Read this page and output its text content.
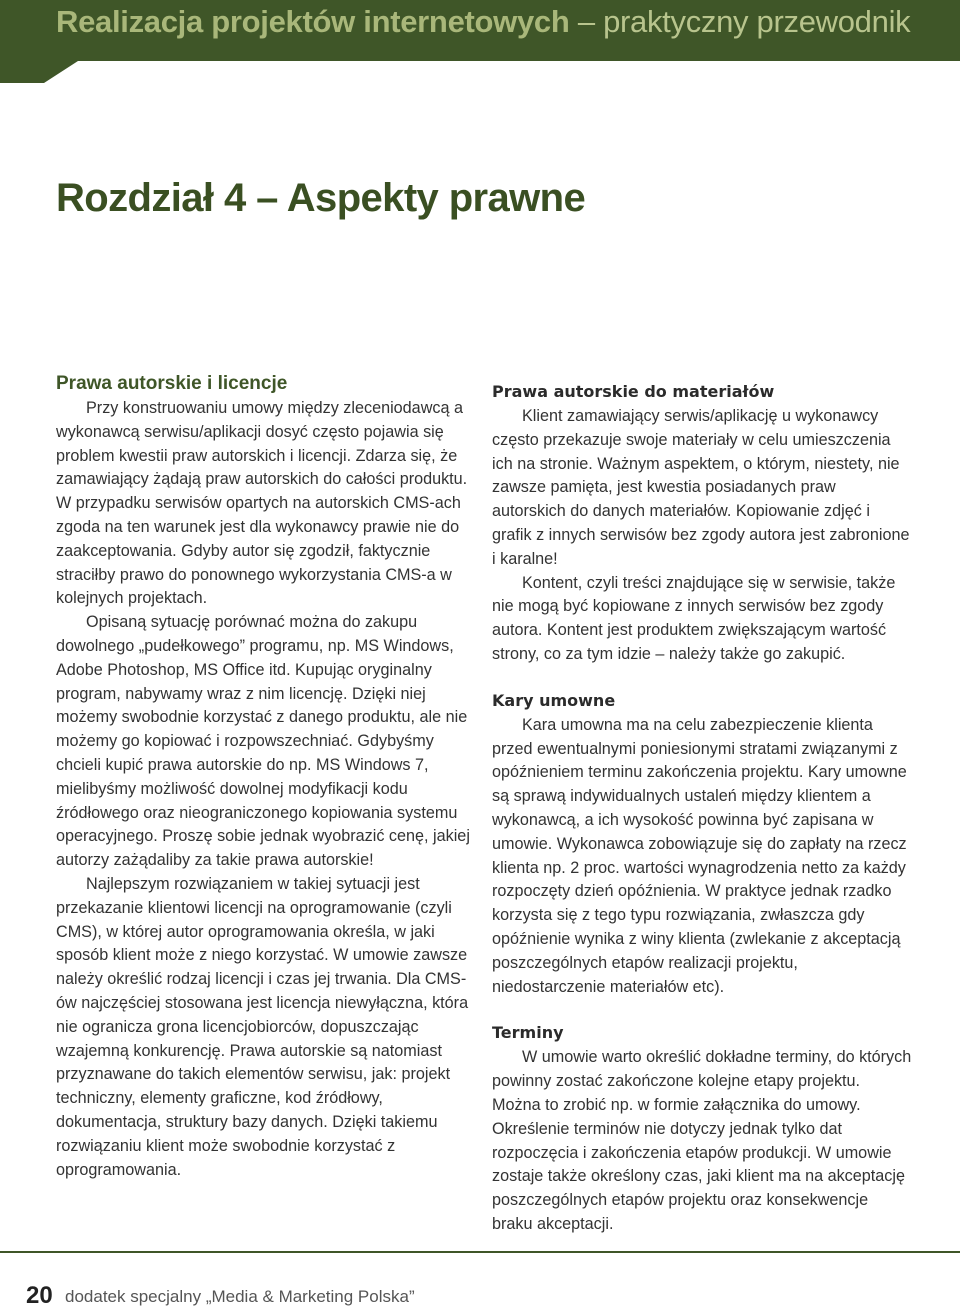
Realizacja projektów internetowych – praktyczny przewodnik
Rozdział 4 – Aspekty prawne
Prawa autorskie i licencje

Przy konstruowaniu umowy między zleceniodawcą a wykonawcą serwisu/aplikacji dosyć często pojawia się problem kwestii praw autorskich i licencji. Zdarza się, że zamawiający żądają praw autorskich do całości produktu. W przypadku serwisów opartych na autorskich CMS-ach zgoda na ten warunek jest dla wykonawcy prawie nie do zaakceptowania. Gdyby autor się zgodził, faktycznie straciłby prawo do ponownego wykorzystania CMS-a w kolejnych projektach.

Opisaną sytuację porównać można do zakupu dowolnego „pudełkowego” programu, np. MS Windows, Adobe Photoshop, MS Office itd. Kupując oryginalny program, nabywamy wraz z nim licencję. Dzięki niej możemy swobodnie korzystać z danego produktu, ale nie możemy go kopiować i rozpowszechniać. Gdybyśmy chcieli kupić prawa autorskie do np. MS Windows 7, mielibyśmy możliwość dowolnej modyfikacji kodu źródłowego oraz nieograniczonego kopiowania systemu operacyjnego. Proszę sobie jednak wyobrazić cenę, jakiej autorzy zażądaliby za takie prawa autorskie!

Najlepszym rozwiązaniem w takiej sytuacji jest przekazanie klientowi licencji na oprogramowanie (czyli CMS), w której autor oprogramowania określa, w jaki sposób klient może z niego korzystać. W umowie zawsze należy określić rodzaj licencji i czas jej trwania. Dla CMS-ów najczęściej stosowana jest licencja niewyłączna, która nie ogranicza grona licencjobiorców, dopuszczając wzajemną konkurencję. Prawa autorskie są natomiast przyznawane do takich elementów serwisu, jak: projekt techniczny, elementy graficzne, kod źródłowy, dokumentacja, struktury bazy danych. Dzięki takiemu rozwiązaniu klient może swobodnie korzystać z oprogramowania.

Prawa autorskie do materiałów

Klient zamawiający serwis/aplikację u wykonawcy często przekazuje swoje materiały w celu umieszczenia ich na stronie. Ważnym aspektem, o którym, niestety, nie zawsze pamięta, jest kwestia posiadanych praw autorskich do danych materiałów. Kopiowanie zdjęć i grafik z innych serwisów bez zgody autora jest zabronione i karalne!

Kontent, czyli treści znajdujące się w serwisie, także nie mogą być kopiowane z innych serwisów bez zgody autora. Kontent jest produktem zwiększającym wartość strony, co za tym idzie – należy także go zakupić.

Kary umowne

Kara umowna ma na celu zabezpieczenie klienta przed ewentualnymi poniesionymi stratami związanymi z opóźnieniem terminu zakończenia projektu. Kary umowne są sprawą indywidualnych ustaleń między klientem a wykonawcą, a ich wysokość powinna być zapisana w umowie. Wykonawca zobowiązuje się do zapłaty na rzecz klienta np. 2 proc. wartości wynagrodzenia netto za każdy rozpoczęty dzień opóźnienia. W praktyce jednak rzadko korzysta się z tego typu rozwiązania, zwłaszcza gdy opóźnienie wynika z winy klienta (zwlekanie z akceptacją poszczególnych etapów realizacji projektu, niedostarczenie materiałów etc).

Terminy

W umowie warto określić dokładne terminy, do których powinny zostać zakończone kolejne etapy projektu. Można to zrobić np. w formie załącznika do umowy. Określenie terminów nie dotyczy jednak tylko dat rozpoczęcia i zakończenia etapów produkcji. W umowie zostaje także określony czas, jaki klient ma na akceptację poszczególnych etapów projektu oraz konsekwencje braku akceptacji.

20 dodatek specjalny „Media & Marketing Polska”
